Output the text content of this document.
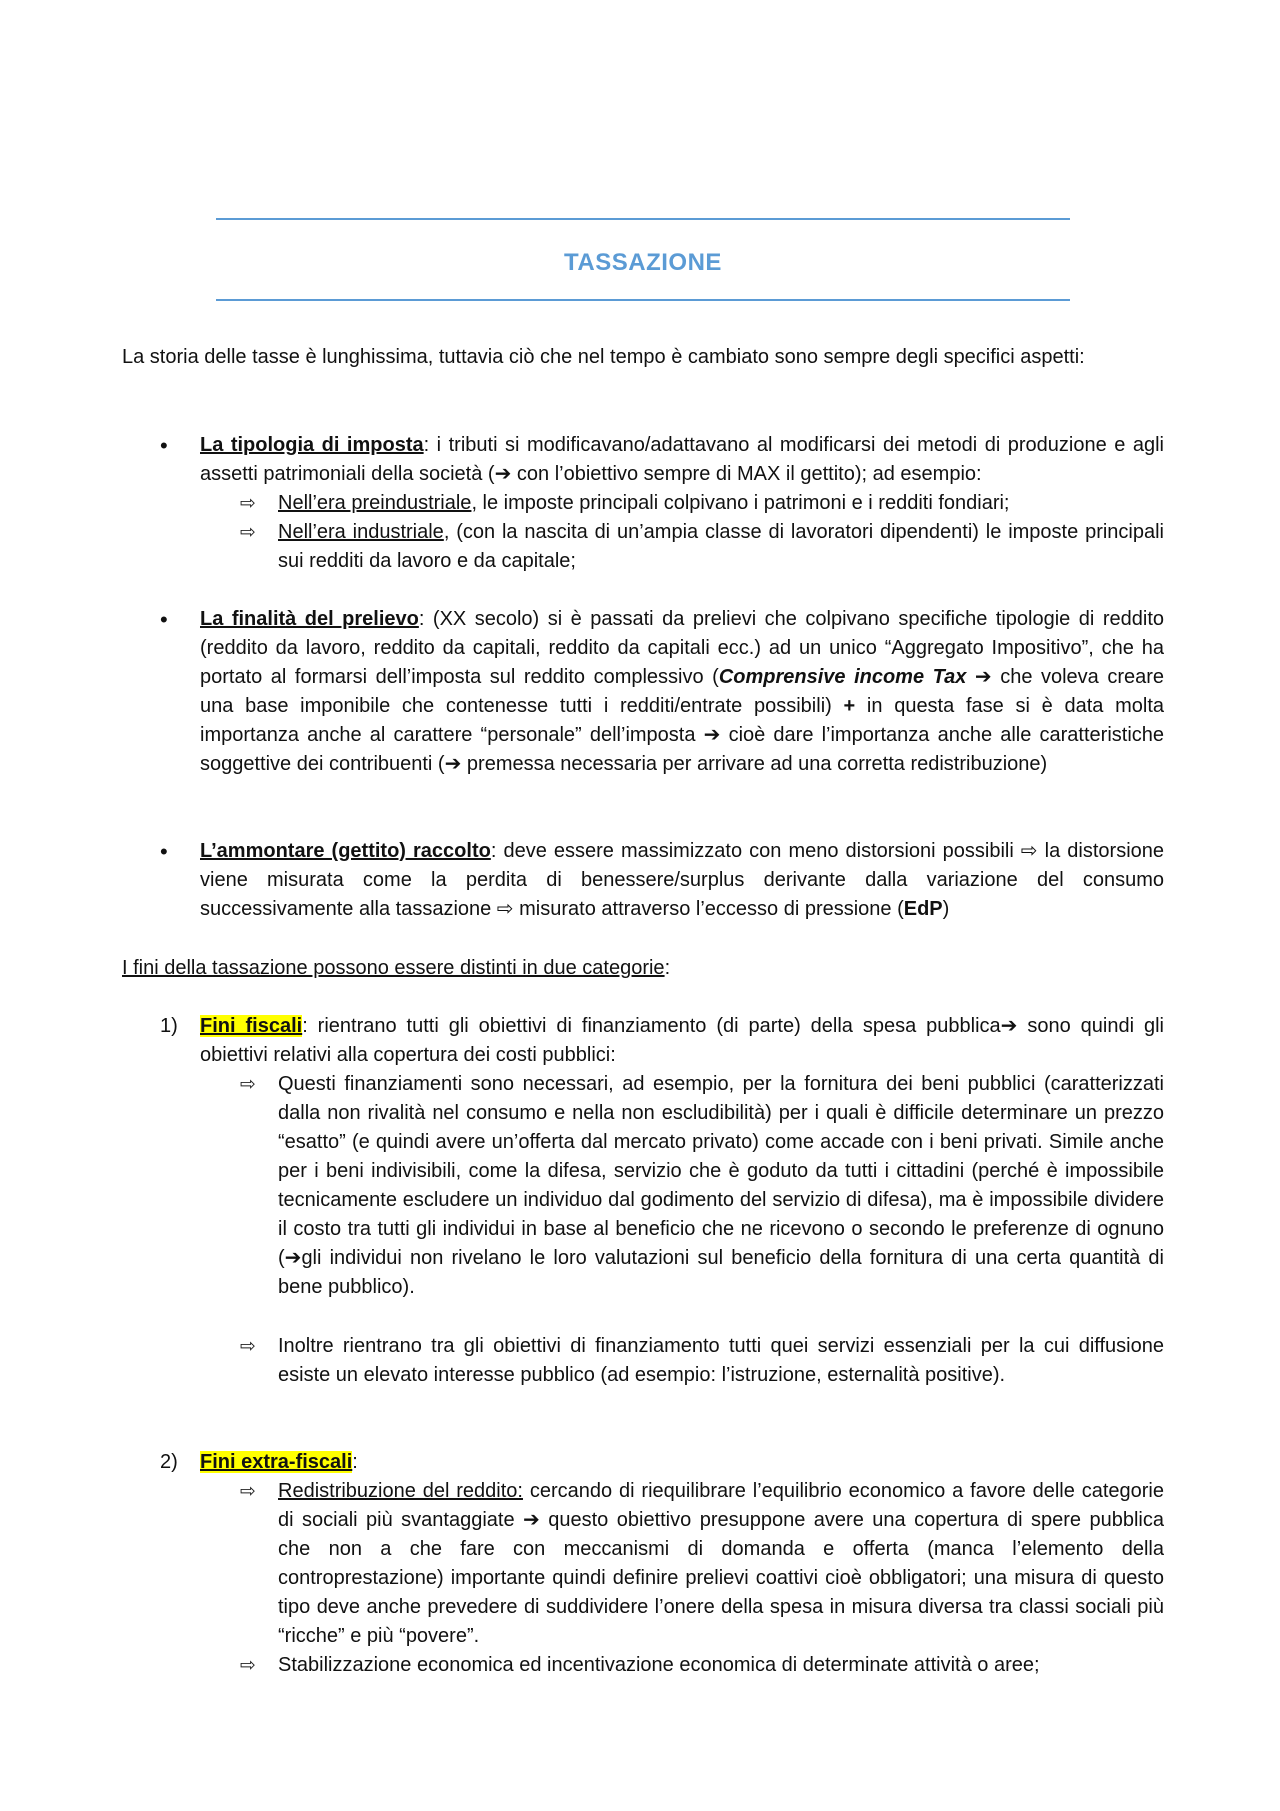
TASSAZIONE
La storia delle tasse è lunghissima, tuttavia ciò che nel tempo è cambiato sono sempre degli specifici aspetti:
• La tipologia di imposta: i tributi si modificavano/adattavano al modificarsi dei metodi di produzione e agli assetti patrimoniali della società (➔ con l’obiettivo sempre di MAX il gettito); ad esempio:
⇨ Nell’era preindustriale, le imposte principali colpivano i patrimoni e i redditi fondiari;
⇨ Nell’era industriale, (con la nascita di un’ampia classe di lavoratori dipendenti) le imposte principali sui redditi da lavoro e da capitale;
• La finalità del prelievo: (XX secolo) si è passati da prelievi che colpivano specifiche tipologie di reddito (reddito da lavoro, reddito da capitali, reddito da capitali ecc.) ad un unico “Aggregato Impositivo”, che ha portato al formarsi dell’imposta sul reddito complessivo (Comprensive income Tax ➔ che voleva creare una base imponibile che contenesse tutti i redditi/entrate possibili) + in questa fase si è data molta importanza anche al carattere “personale” dell’imposta ➔ cioè dare l’importanza anche alle caratteristiche soggettive dei contribuenti (➔ premessa necessaria per arrivare ad una corretta redistribuzione)
• L’ammontare (gettito) raccolto: deve essere massimizzato con meno distorsioni possibili ⇨ la distorsione viene misurata come la perdita di benessere/surplus derivante dalla variazione del consumo successivamente alla tassazione ⇨ misurato attraverso l’eccesso di pressione (EdP)
I fini della tassazione possono essere distinti in due categorie:
1) Fini fiscali: rientrano tutti gli obiettivi di finanziamento (di parte) della spesa pubblica➔ sono quindi gli obiettivi relativi alla copertura dei costi pubblici:
⇨ Questi finanziamenti sono necessari, ad esempio, per la fornitura dei beni pubblici (caratterizzati dalla non rivalità nel consumo e nella non escludibilità) per i quali è difficile determinare un prezzo “esatto” (e quindi avere un’offerta dal mercato privato) come accade con i beni privati. Simile anche per i beni indivisibili, come la difesa, servizio che è goduto da tutti i cittadini (perché è impossibile tecnicamente escludere un individuo dal godimento del servizio di difesa), ma è impossibile dividere il costo tra tutti gli individui in base al beneficio che ne ricevono o secondo le preferenze di ognuno (➔gli individui non rivelano le loro valutazioni sul beneficio della fornitura di una certa quantità di bene pubblico).
⇨ Inoltre rientrano tra gli obiettivi di finanziamento tutti quei servizi essenziali per la cui diffusione esiste un elevato interesse pubblico (ad esempio: l’istruzione, esternalità positive).
2) Fini extra-fiscali:
⇨ Redistribuzione del reddito: cercando di riequilibrare l’equilibrio economico a favore delle categorie di sociali più svantaggiate ➔ questo obiettivo presuppone avere una copertura di spere pubblica che non a che fare con meccanismi di domanda e offerta (manca l’elemento della controprestazione) importante quindi definire prelievi coattivi cioè obbligatori; una misura di questo tipo deve anche prevedere di suddividere l’onere della spesa in misura diversa tra classi sociali più “ricche” e più “povere”.
⇨ Stabilizzazione economica ed incentivazione economica di determinate attività o aree;
